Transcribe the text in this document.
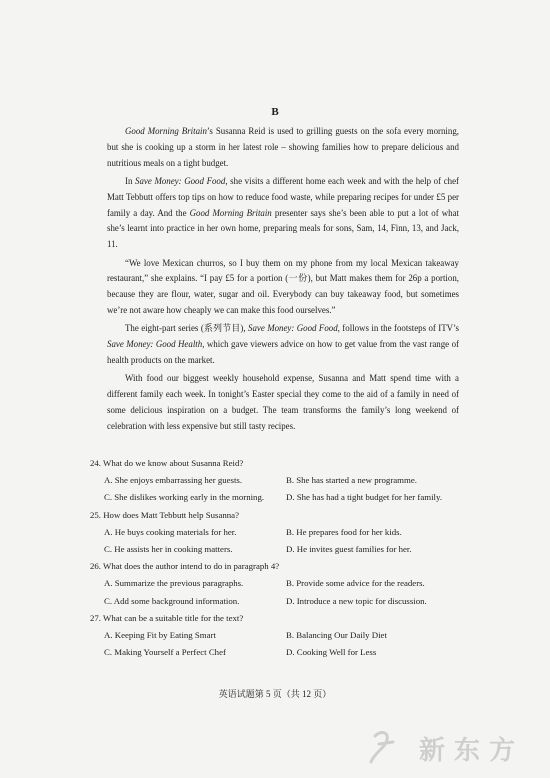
B

Good Morning Britain’s Susanna Reid is used to grilling guests on the sofa every morning, but she is cooking up a storm in her latest role – showing families how to prepare delicious and nutritious meals on a tight budget.

In Save Money: Good Food, she visits a different home each week and with the help of chef Matt Tebbutt offers top tips on how to reduce food waste, while preparing recipes for under £5 per family a day. And the Good Morning Britain presenter says she’s been able to put a lot of what she’s learnt into practice in her own home, preparing meals for sons, Sam, 14, Finn, 13, and Jack, 11.

“We love Mexican churros, so I buy them on my phone from my local Mexican takeaway restaurant,” she explains. “I pay £5 for a portion (一份), but Matt makes them for 26p a portion, because they are flour, water, sugar and oil. Everybody can buy takeaway food, but sometimes we’re not aware how cheaply we can make this food ourselves.”

The eight-part series (系列节目), Save Money: Good Food, follows in the footsteps of ITV’s Save Money: Good Health, which gave viewers advice on how to get value from the vast range of health products on the market.

With food our biggest weekly household expense, Susanna and Matt spend time with a different family each week. In tonight’s Easter special they come to the aid of a family in need of some delicious inspiration on a budget. The team transforms the family’s long weekend of celebration with less expensive but still tasty recipes.

24. What do we know about Susanna Reid?
A. She enjoys embarrassing her guests.	B. She has started a new programme.
C. She dislikes working early in the morning. D. She has had a tight budget for her family.
25. How does Matt Tebbutt help Susanna?
A. He buys cooking materials for her.	B. He prepares food for her kids.
C. He assists her in cooking matters.	D. He invites guest families for her.
26. What does the author intend to do in paragraph 4?
A. Summarize the previous paragraphs.	B. Provide some advice for the readers.
C. Add some background information.	D. Introduce a new topic for discussion.
27. What can be a suitable title for the text?
A. Keeping Fit by Eating Smart	B. Balancing Our Daily Diet
C. Making Yourself a Perfect Chef	D. Cooking Well for Less
英语试题第 5 页（共 12 页）
新 东 方
